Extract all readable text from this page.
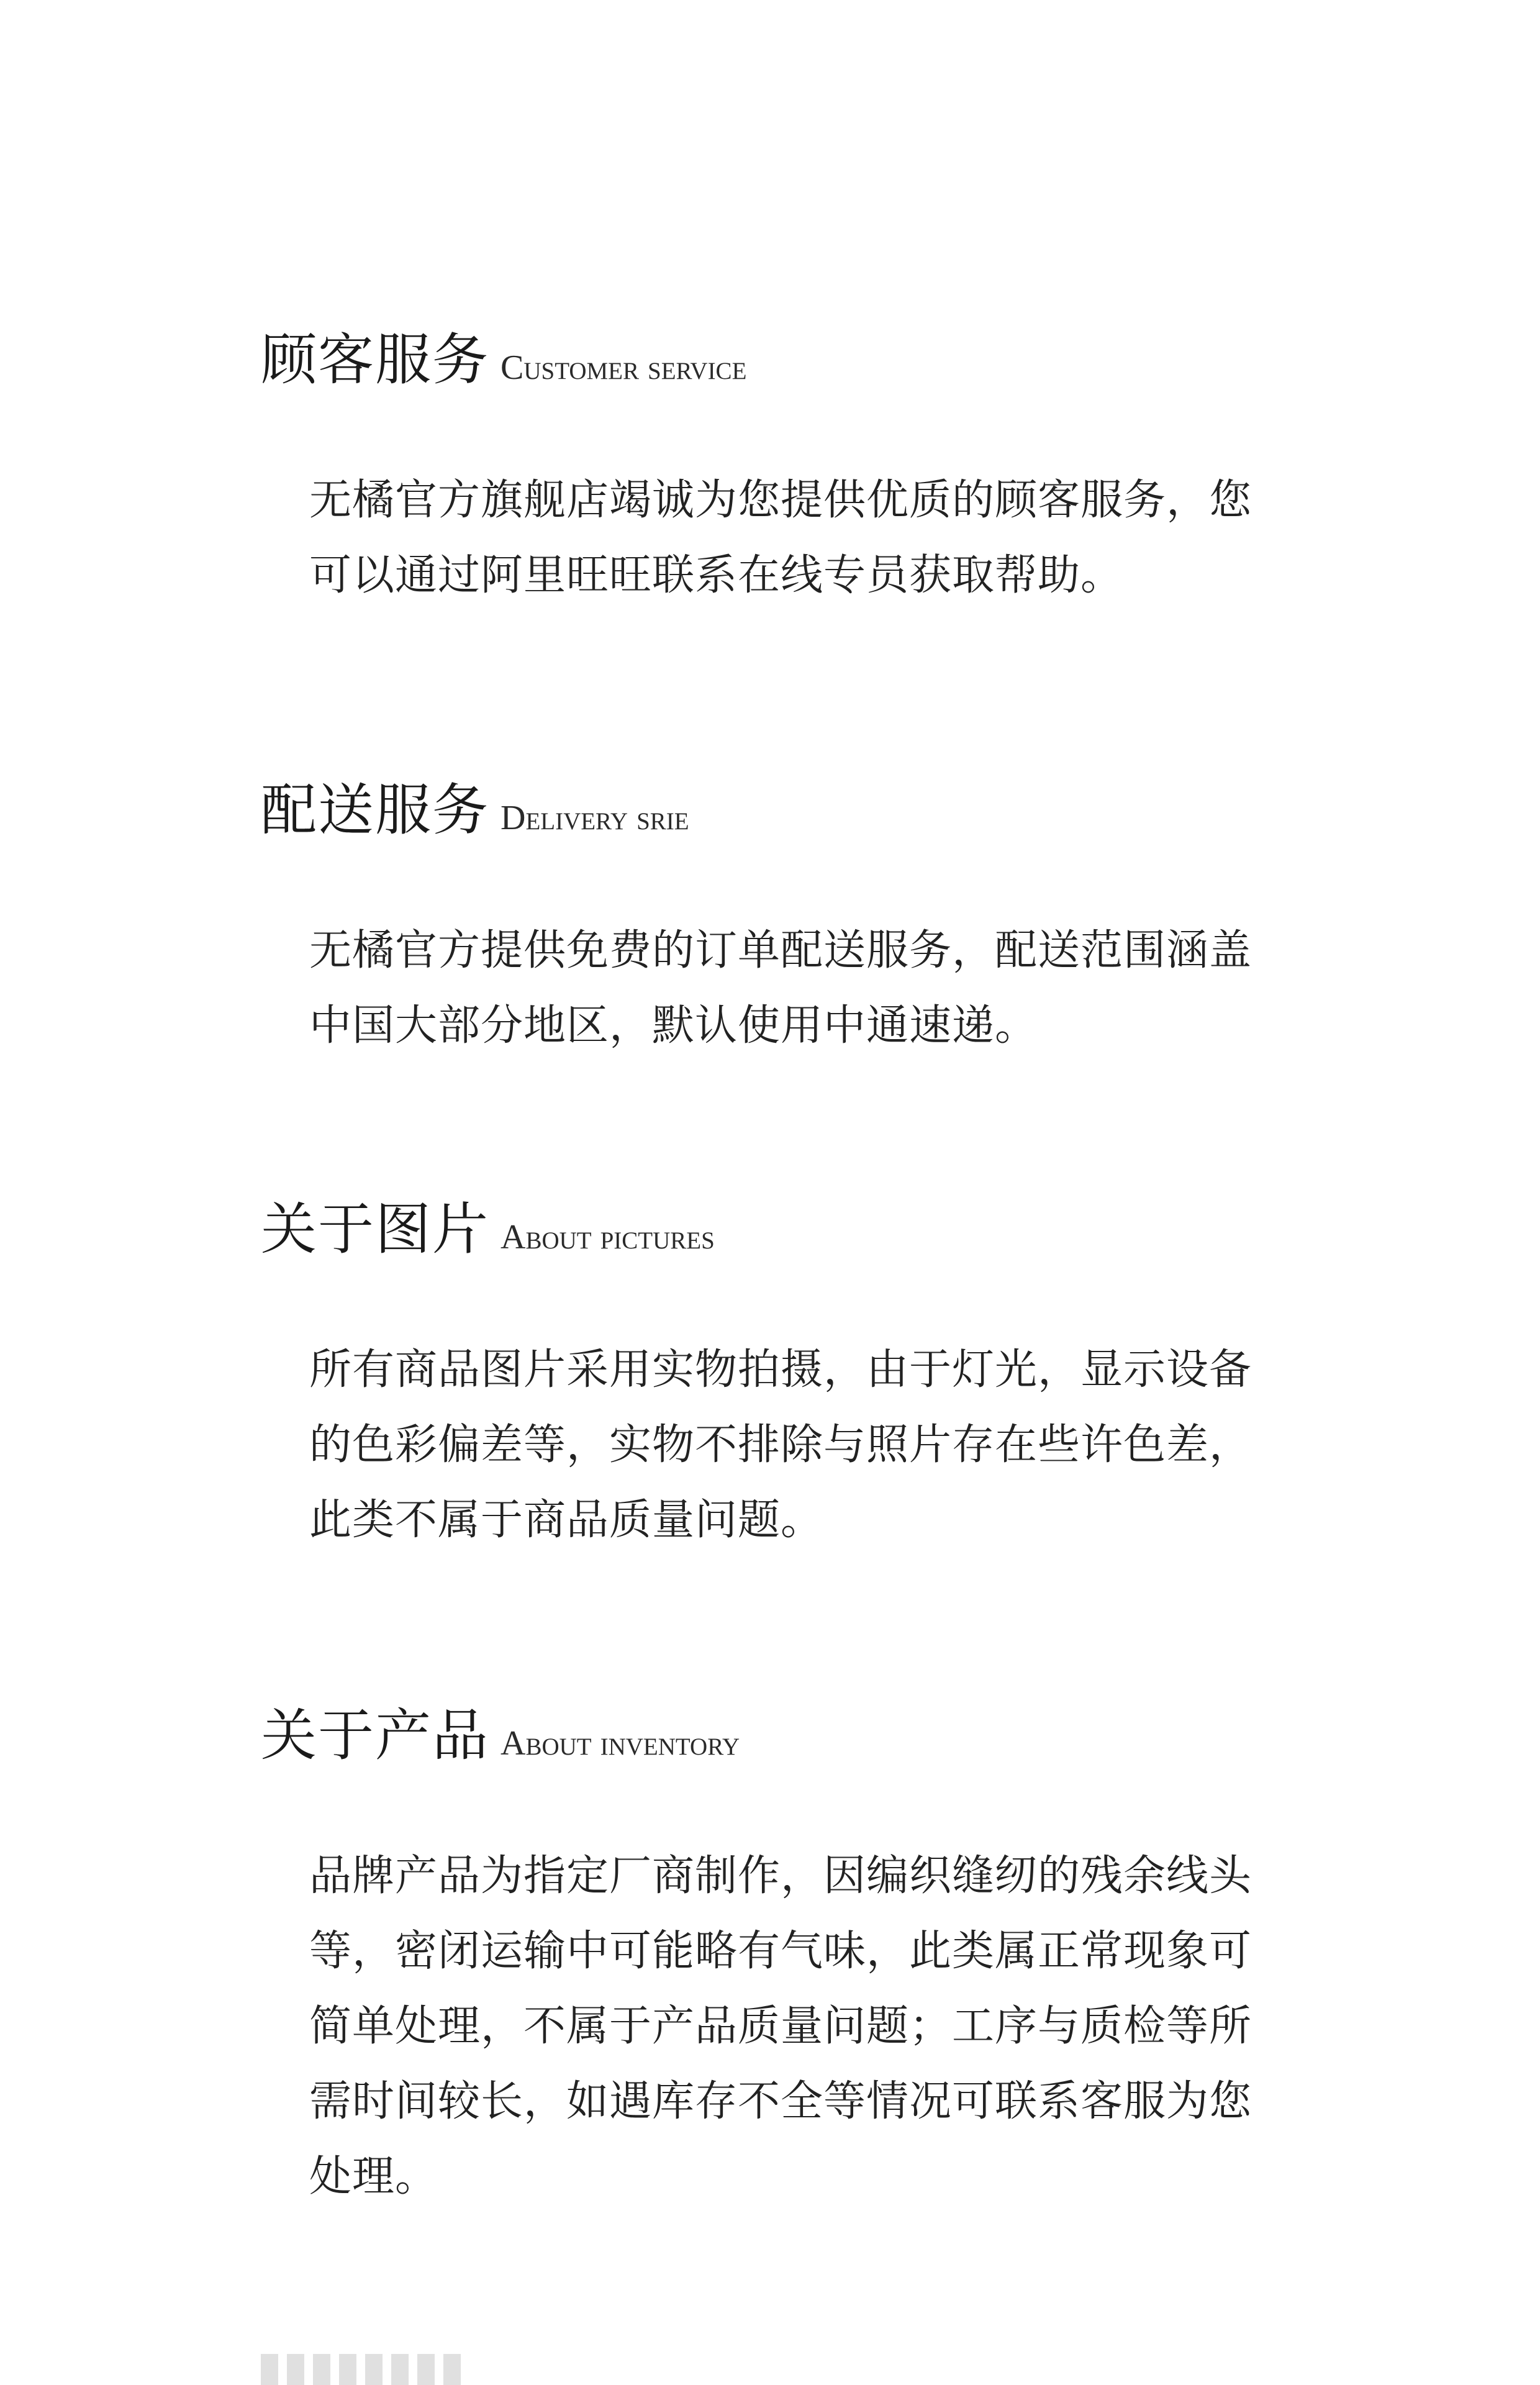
顾客服务 Customer service
无橘官方旗舰店竭诚为您提供优质的顾客服务，您可以通过阿里旺旺联系在线专员获取帮助。
配送服务 Delivery srie
无橘官方提供免费的订单配送服务，配送范围涵盖中国大部分地区，默认使用中通速递。
关于图片 About pictures
所有商品图片采用实物拍摄，由于灯光，显示设备的色彩偏差等，实物不排除与照片存在些许色差，此类不属于商品质量问题。
关于产品 About inventory
品牌产品为指定厂商制作，因编织缝纫的残余线头等，密闭运输中可能略有气味，此类属正常现象可简单处理，不属于产品质量问题；工序与质检等所需时间较长，如遇库存不全等情况可联系客服为您处理。
